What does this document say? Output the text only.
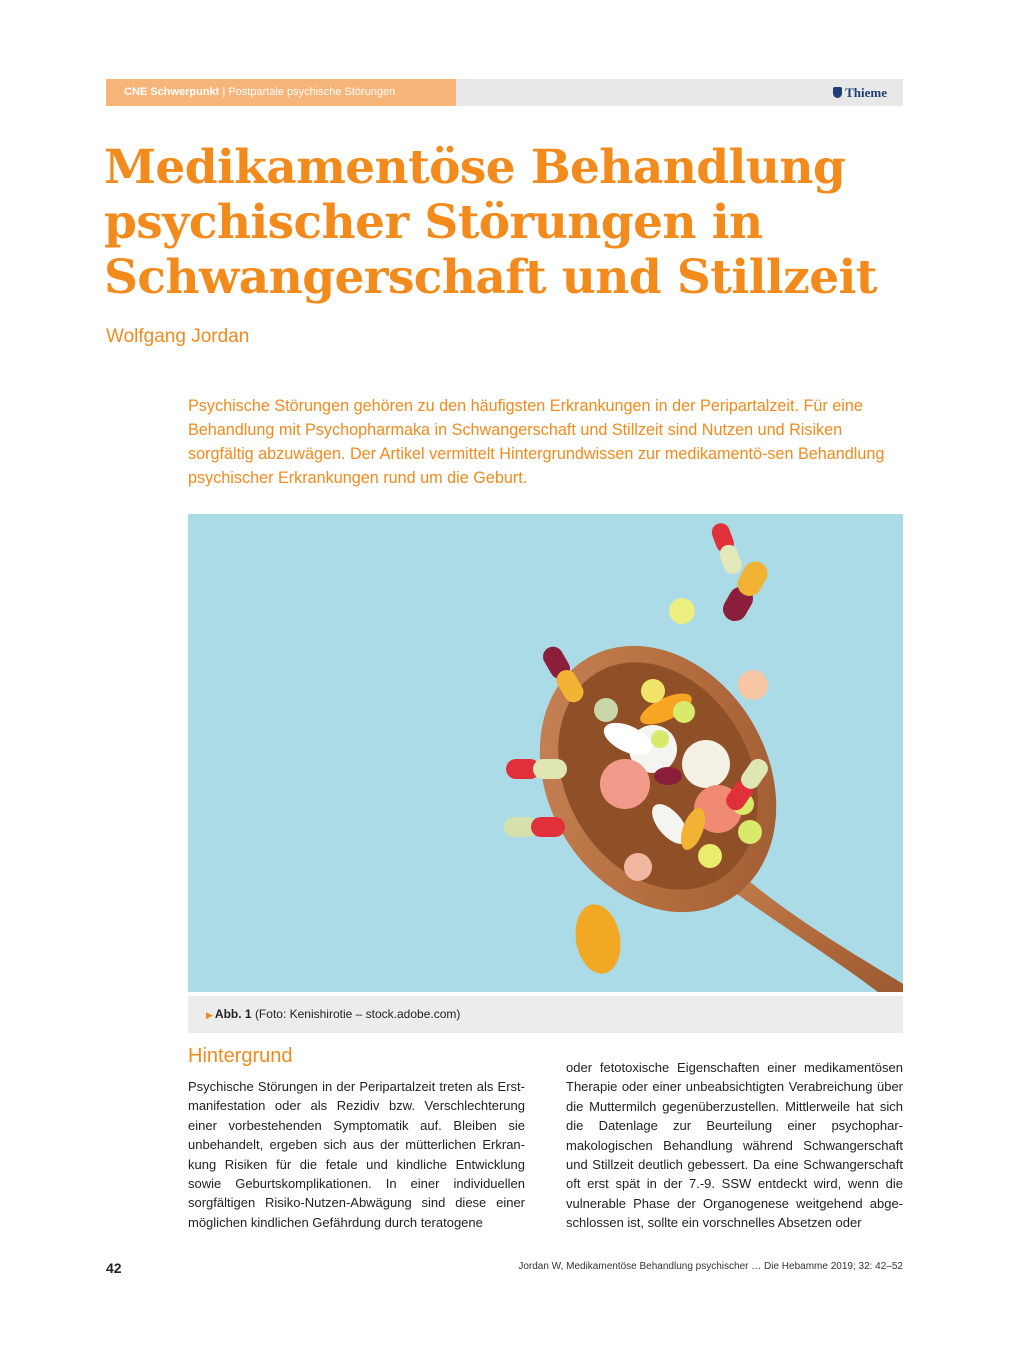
CNE Schwerpunkt | Postpartale psychische Störungen	Thieme
Medikamentöse Behandlung psychischer Störungen in Schwangerschaft und Stillzeit
Wolfgang Jordan

Psychische Störungen gehören zu den häufigsten Erkrankungen in der Peripartalzeit. Für eine Behandlung mit Psychopharmaka in Schwangerschaft und Stillzeit sind Nutzen und Risiken sorgfältig abzuwägen. Der Artikel vermittelt Hintergrundwissen zur medikamentö-sen Behandlung psychischer Erkrankungen rund um die Geburt.

▶ Abb. 1 (Foto: Kenishirotie – stock.adobe.com)
Hintergrund

Psychische Störungen in der Peripartalzeit treten als Erst-manifestation oder als Rezidiv bzw. Verschlechterung einer vorbestehenden Symptomatik auf. Bleiben sie unbehandelt, ergeben sich aus der mütterlichen Erkran-kung Risiken für die fetale und kindliche Entwicklung sowie Geburtskomplikationen. In einer individuellen sorgfältigen Risiko-Nutzen-Abwägung sind diese einer möglichen kindlichen Gefährdung durch teratogene

oder fetotoxische Eigenschaften einer medikamentösen Therapie oder einer unbeabsichtigten Verabreichung über die Muttermilch gegenüberzustellen. Mittlerweile hat sich die Datenlage zur Beurteilung einer psychophar-makologischen Behandlung während Schwangerschaft und Stillzeit deutlich gebessert. Da eine Schwangerschaft oft erst spät in der 7.-9. SSW entdeckt wird, wenn die vulnerable Phase der Organogenese weitgehend abge-schlossen ist, sollte ein vorschnelles Absetzen oder

42	Jordan W, Medikamentöse Behandlung psychischer … Die Hebamme 2019; 32: 42–52
